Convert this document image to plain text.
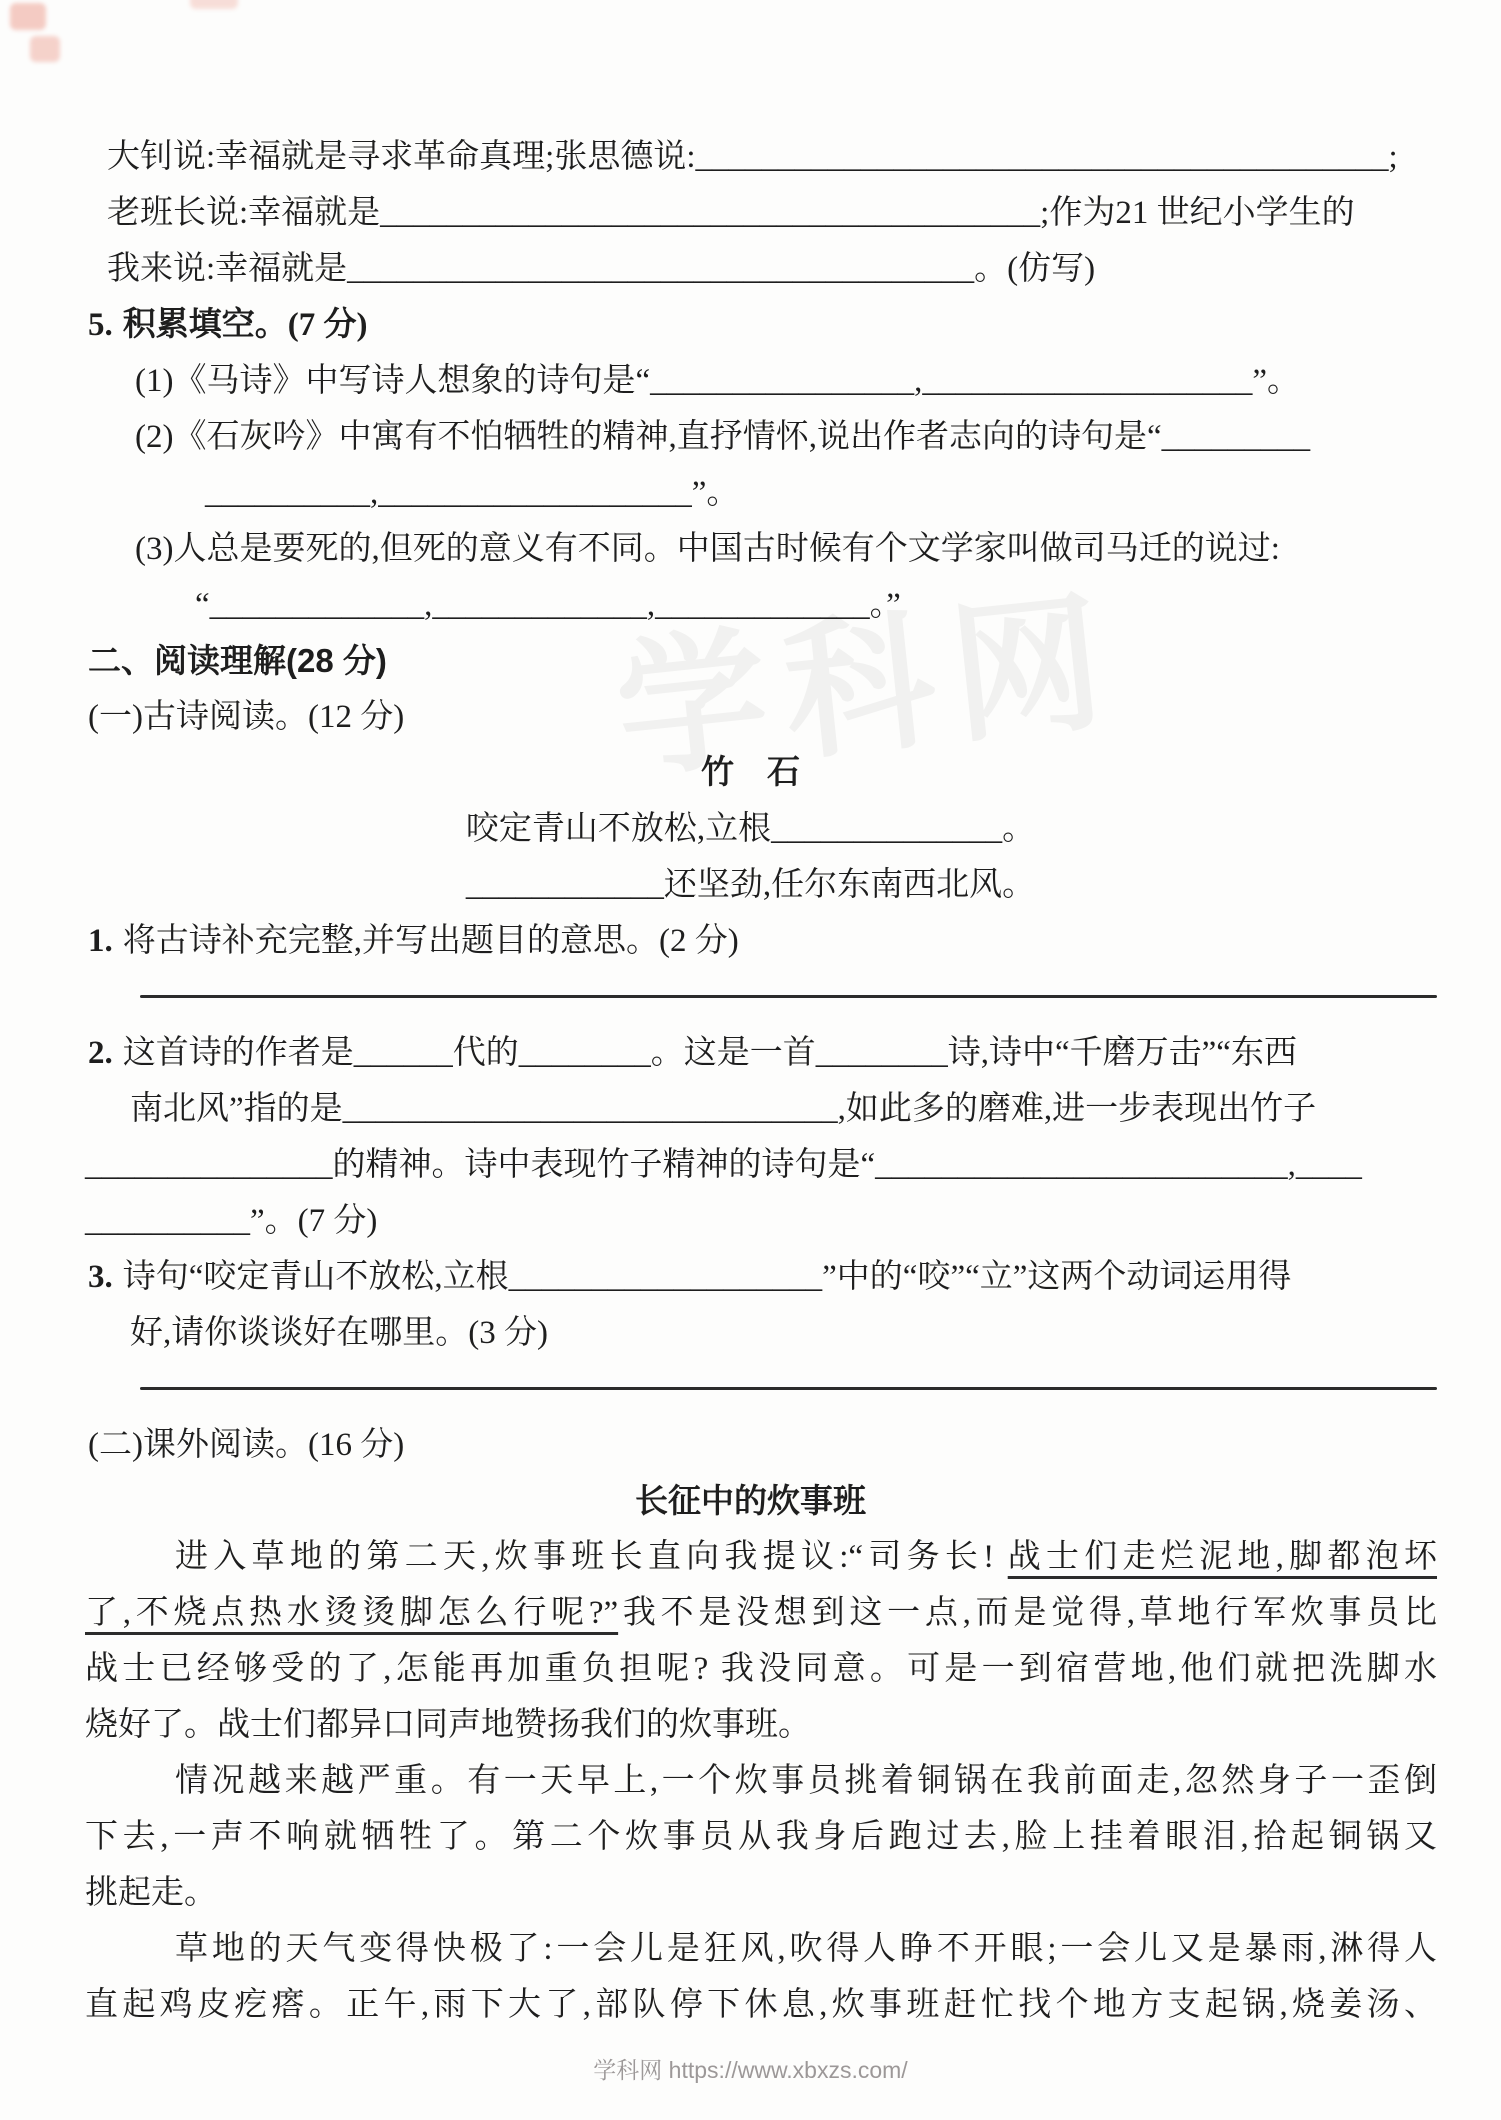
大钊说:幸福就是寻求革命真理;张思德说:__________________________________________;
老班长说:幸福就是________________________________________;作为21 世纪小学生的
我来说:幸福就是______________________________________。(仿写)
5. 积累填空。(7 分)
(1)《马诗》中写诗人想象的诗句是“________________,____________________”。
(2)《石灰吟》中寓有不怕牺牲的精神,直抒情怀,说出作者志向的诗句是“_________
__________,___________________”。
(3)人总是要死的,但死的意义有不同。中国古时候有个文学家叫做司马迁的说过:
“_____________,_____________,_____________。”
二、阅读理解(28 分)
(一)古诗阅读。(12 分)
竹　石
咬定青山不放松,立根______________。
____________还坚劲,任尔东南西北风。
1. 将古诗补充完整,并写出题目的意思。(2 分)
2. 这首诗的作者是______代的________。这是一首________诗,诗中“千磨万击”“东西
南北风”指的是______________________________,如此多的磨难,进一步表现出竹子
_______________的精神。诗中表现竹子精神的诗句是“_________________________,____
__________”。(7 分)
3. 诗句“咬定青山不放松,立根___________________”中的“咬”“立”这两个动词运用得
好,请你谈谈好在哪里。(3 分)
(二)课外阅读。(16 分)
长征中的炊事班
进入草地的第二天,炊事班长直向我提议:“司务长! 战士们走烂泥地,脚都泡坏
了,不烧点热水烫烫脚怎么行呢?”我不是没想到这一点,而是觉得,草地行军炊事员比
战士已经够受的了,怎能再加重负担呢? 我没同意。可是一到宿营地,他们就把洗脚水
烧好了。战士们都异口同声地赞扬我们的炊事班。
情况越来越严重。有一天早上,一个炊事员挑着铜锅在我前面走,忽然身子一歪倒
下去,一声不响就牺牲了。第二个炊事员从我身后跑过去,脸上挂着眼泪,拾起铜锅又
挑起走。
草地的天气变得快极了:一会儿是狂风,吹得人睁不开眼;一会儿又是暴雨,淋得人
直起鸡皮疙瘩。正午,雨下大了,部队停下休息,炊事班赶忙找个地方支起锅,烧姜汤、
学科网 https://www.xbxzs.com/
